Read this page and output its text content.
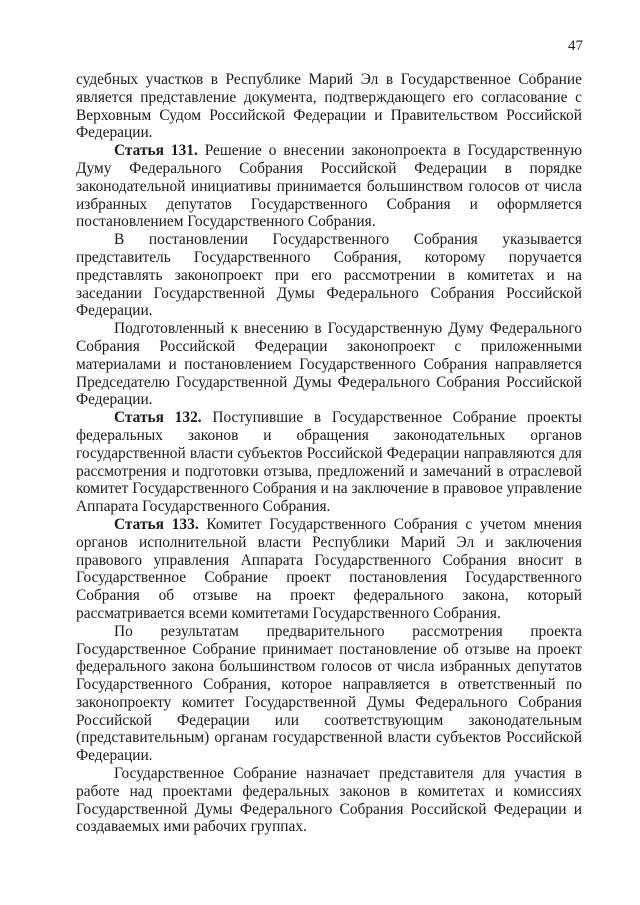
47

судебных участков в Республике Марий Эл в Государственное Собрание является представление документа, подтверждающего его согласование с Верховным Судом Российской Федерации и Правительством Российской Федерации.

Статья 131. Решение о внесении законопроекта в Государственную Думу Федерального Собрания Российской Федерации в порядке законодательной инициативы принимается большинством голосов от числа избранных депутатов Государственного Собрания и оформляется постановлением Государственного Собрания.

В постановлении Государственного Собрания указывается представитель Государственного Собрания, которому поручается представлять законопроект при его рассмотрении в комитетах и на заседании Государственной Думы Федерального Собрания Российской Федерации.

Подготовленный к внесению в Государственную Думу Федерального Собрания Российской Федерации законопроект с приложенными материалами и постановлением Государственного Собрания направляется Председателю Государственной Думы Федерального Собрания Российской Федерации.

Статья 132. Поступившие в Государственное Собрание проекты федеральных законов и обращения законодательных органов государственной власти субъектов Российской Федерации направляются для рассмотрения и подготовки отзыва, предложений и замечаний в отраслевой комитет Государственного Собрания и на заключение в правовое управление Аппарата Государственного Собрания.

Статья 133. Комитет Государственного Собрания с учетом мнения органов исполнительной власти Республики Марий Эл и заключения правового управления Аппарата Государственного Собрания вносит в Государственное Собрание проект постановления Государственного Собрания об отзыве на проект федерального закона, который рассматривается всеми комитетами Государственного Собрания.

По результатам предварительного рассмотрения проекта Государственное Собрание принимает постановление об отзыве на проект федерального закона большинством голосов от числа избранных депутатов Государственного Собрания, которое направляется в ответственный по законопроекту комитет Государственной Думы Федерального Собрания Российской Федерации или соответствующим законодательным (представительным) органам государственной власти субъектов Российской Федерации.

Государственное Собрание назначает представителя для участия в работе над проектами федеральных законов в комитетах и комиссиях Государственной Думы Федерального Собрания Российской Федерации и создаваемых ими рабочих группах.
